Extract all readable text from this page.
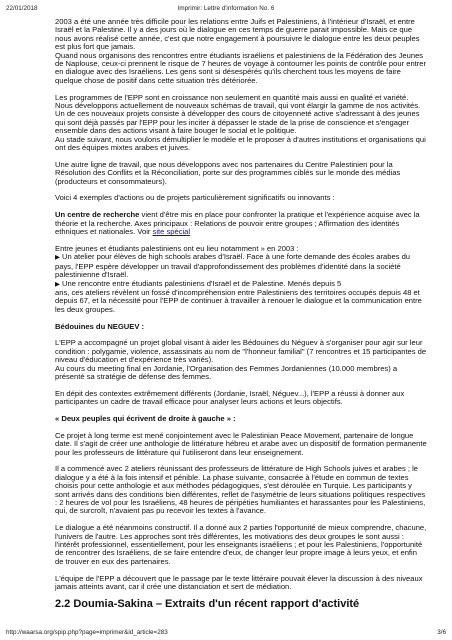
22/01/2018	Imprimir: Lettre d'information No. 6

2003 a été une année très difficile pour les relations entre Juifs et Palestiniens, à l'intérieur d'Israël, et entre Israël et la Palestine. Il y a des jours où le dialogue en ces temps de guerre parait impossible. Mais ce que nous avons réalisé cette année, c'est que notre engagement à poursuivre le dialogue entre les deux peuples est plus fort que jamais.

Quand nous organisons des rencontres entre étudiants israéliens et palestiniens de la Fédération des Jeunes de Naplouse, ceux-ci prennent le risque de 7 heures de voyage à contourner les points de contrôle pour entrer en dialogue avec des Israéliens. Les gens sont si désespérés qu'ils cherchent tous les moyens de faire quelque chose de positif dans cette situation très détériorée.

Les programmes de l'EPP sont en croissance non seulement en quantité mais aussi en qualité et variété. Nous développons actuellement de nouveaux schémas de travail, qui vont élargir la gamme de nos activités.

Un de ces nouveaux projets consiste à développer des cours de citoyenneté active s'adressant à des jeunes qui sont déjà passés par l'EPP pour les inciter à dépasser le stade de la prise de conscience et s'engager ensemble dans des actions visant à faire bouger le social et le politique.

Au stade suivant, nous voulons démultiplier le modèle et le proposer à d'autres institutions et organisations qui ont des équipes mixtes arabes et juives.

Une autre ligne de travail, que nous développons avec nos partenaires du Centre Palestinien pour la Résolution des Conflits et la Réconciliation, porte sur des programmes ciblés sur le monde des médias (producteurs et consommateurs).

Voici 4 exemples d'actions ou de projets particulièrement significatifs ou innovants :

Un centre de recherche vient d'être mis en place pour confronter la pratique et l'expérience acquise avec la théorie et la recherche. Axes principaux : Relations de pouvoir entre groupes ; Affirmation des identités ethniques et nationales. Voir site spécial

Entre jeunes et étudiants palestiniens ont eu lieu notamment » en 2003 :

▶ Un atelier pour élèves de high schools arabes d'Israël. Face à une forte demande des écoles arabes du pays, l'EPP espère développer un travail d'approfondissement des problèmes d'identité dans la société palestinienne d'Israël.

▶ Une rencontre entre étudiants palestiniens d'Israël et de Palestine. Menés depuis 5

ans, ces ateliers révèlent un fossé d'incompréhension entre Palestiniens des territoires occupés depuis 48 et depuis 67, et la nécessité pour l'EPP de continuer à travailler à renouer le dialogue et la communication entre les deux groupes.

Bédouines du NEGUEV :

L'EPP a accompagné un projet global visant à aider les Bédouines du Néguev à s'organiser pour agir sur leur condition : polygamie, violence, assassinats au nom de "l'honneur familial" (7 rencontres et 15 participantes de niveau d'éducation et d'expérience très variés).

Au cours du meeting final en Jordanie, l'Organisation des Femmes Jordaniennes (10.000 membres) a présenté sa stratégie de défense des femmes.

En dépit des contextes extrêmement différents (Jordanie, Israël, Néguev...), l'EPP a réussi à donner aux participantes un cadre de travail efficace pour analyser leurs actions et leurs objectifs.

« Deux peuples qui écrivent de droite à gauche » :

Ce projet à long terme est mené conjointement avec le Palestinian Peace Movement, partenaire de longue date. Il s'agit de créer une anthologie de littérature hébreu et arabe avec un dispositif de formation permanente pour les professeurs de littérature qui l'utiliseront dans leur enseignement.

Il a commencé avec 2 ateliers réunissant des professeurs de littérature de High Schools juives et arabes ; le dialogue y a été à la fois intensif et pénible. La phase suivante, consacrée à l'étude en commun de textes choisis pour cette anthologie et aux méthodes pédagogiques, s'est déroulée en Turquie. Les participants y sont arrivés dans des conditions bien différentes, reflet de l'asymétrie de leurs situations politiques respectives : 2 heures de vol pour les Israéliens, 48 heures de péripéties humiliantes et harassantes pour les Palestiniens, qui, de surcroît, n'avaient pas pu recevoir les textes à l'avance.

Le dialogue a été néanmoins constructif. Il a donné aux 2 parties l'opportunité de mieux comprendre, chacune, l'univers de l'autre. Les approches sont très différentes, les motivations des deux groupes le sont aussi : l'intérêt professionnel, essentiellement, pour les enseignants israéliens ; et pour les Palestiniens, l'opportunité de rencontrer des Israéliens, de se faire entendre d'eux, de changer leur propre image à leurs yeux, et enfin de trouver en eux des partenaires.

L'équipe de l'EPP a découvert que le passage par le texte littéraire pouvait élever la discussion à des niveaux jamais atteints avant, car il crée une distanciation et sert de médiation.

2.2 Doumia-Sakina – Extraits d'un récent rapport d'activité
http://waarsa.org/spip.php?page=imprimer&id_article=283	3/6
